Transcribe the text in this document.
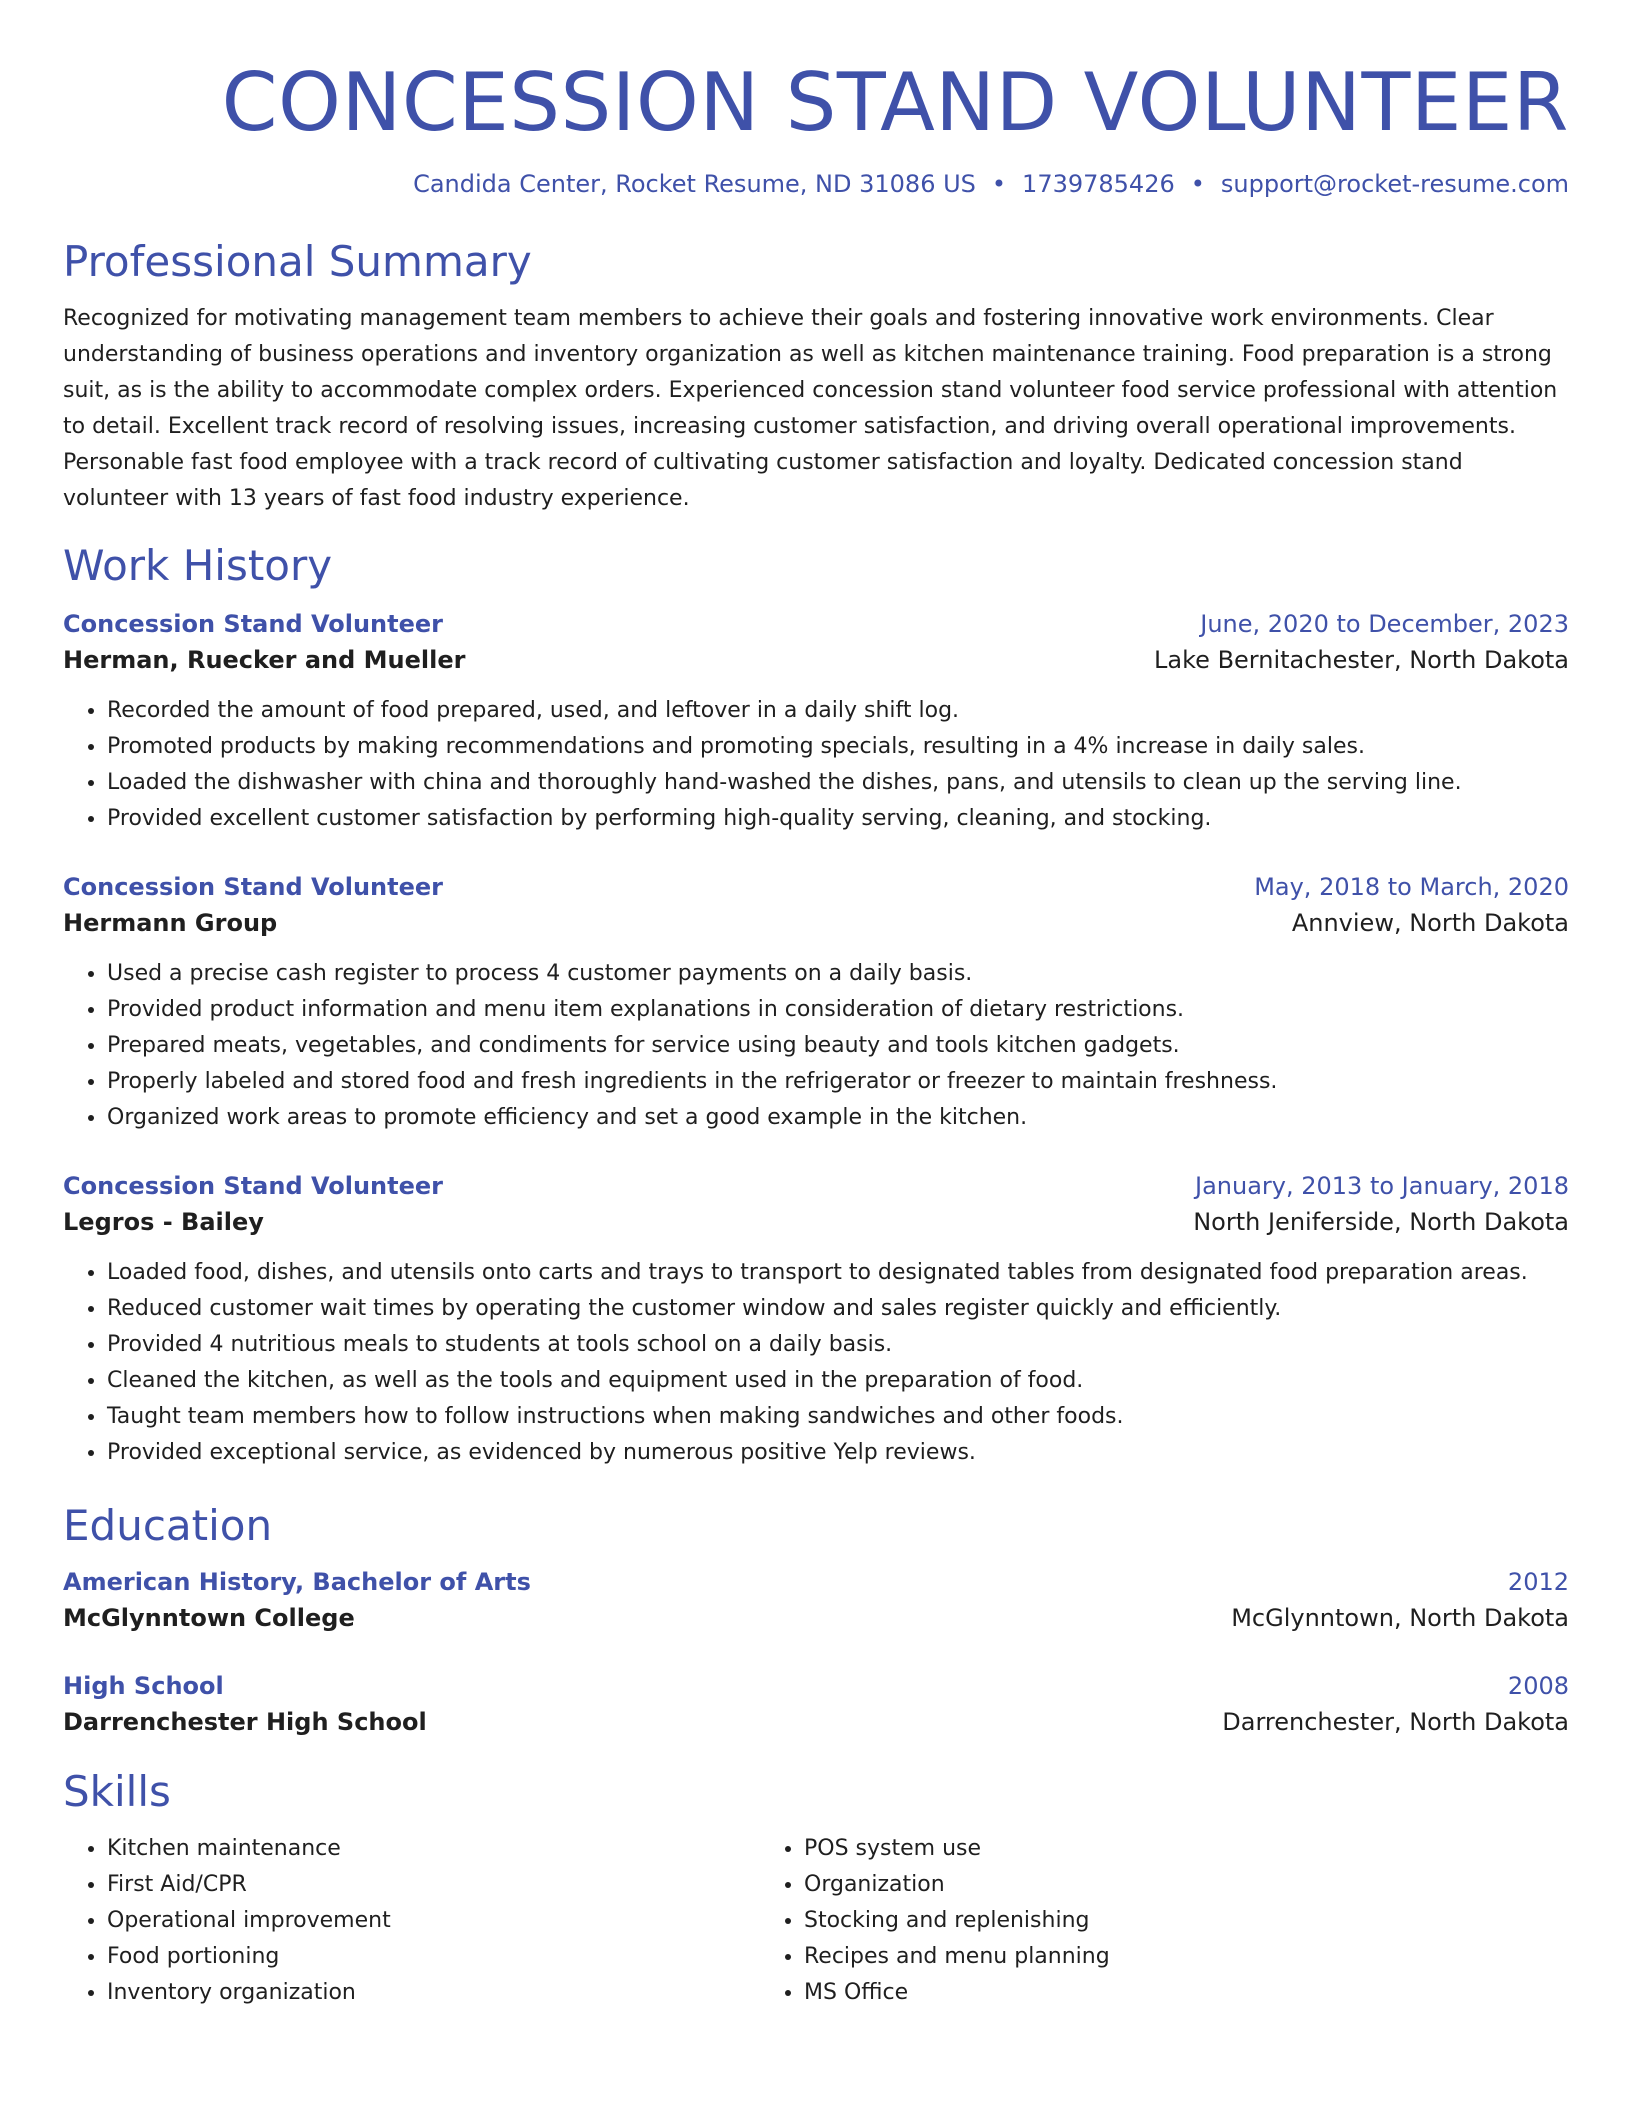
CONCESSION STAND VOLUNTEER
Candida Center, Rocket Resume, ND 31086 US • 1739785426 • support@rocket-resume.com
Professional Summary
Recognized for motivating management team members to achieve their goals and fostering innovative work environments. Clear understanding of business operations and inventory organization as well as kitchen maintenance training. Food preparation is a strong suit, as is the ability to accommodate complex orders. Experienced concession stand volunteer food service professional with attention to detail. Excellent track record of resolving issues, increasing customer satisfaction, and driving overall operational improvements. Personable fast food employee with a track record of cultivating customer satisfaction and loyalty. Dedicated concession stand volunteer with 13 years of fast food industry experience.
Work History
Concession Stand Volunteer	June, 2020 to December, 2023
Herman, Ruecker and Mueller	Lake Bernitachester, North Dakota
• Recorded the amount of food prepared, used, and leftover in a daily shift log.
• Promoted products by making recommendations and promoting specials, resulting in a 4% increase in daily sales.
• Loaded the dishwasher with china and thoroughly hand-washed the dishes, pans, and utensils to clean up the serving line.
• Provided excellent customer satisfaction by performing high-quality serving, cleaning, and stocking.
Concession Stand Volunteer	May, 2018 to March, 2020
Hermann Group	Annview, North Dakota
• Used a precise cash register to process 4 customer payments on a daily basis.
• Provided product information and menu item explanations in consideration of dietary restrictions.
• Prepared meats, vegetables, and condiments for service using beauty and tools kitchen gadgets.
• Properly labeled and stored food and fresh ingredients in the refrigerator or freezer to maintain freshness.
• Organized work areas to promote efficiency and set a good example in the kitchen.
Concession Stand Volunteer	January, 2013 to January, 2018
Legros - Bailey	North Jeniferside, North Dakota
• Loaded food, dishes, and utensils onto carts and trays to transport to designated tables from designated food preparation areas.
• Reduced customer wait times by operating the customer window and sales register quickly and efficiently.
• Provided 4 nutritious meals to students at tools school on a daily basis.
• Cleaned the kitchen, as well as the tools and equipment used in the preparation of food.
• Taught team members how to follow instructions when making sandwiches and other foods.
• Provided exceptional service, as evidenced by numerous positive Yelp reviews.
Education
American History, Bachelor of Arts	2012
McGlynntown College	McGlynntown, North Dakota
High School	2008
Darrenchester High School	Darrenchester, North Dakota
Skills
• Kitchen maintenance
• First Aid/CPR
• Operational improvement
• Food portioning
• Inventory organization
• POS system use
• Organization
• Stocking and replenishing
• Recipes and menu planning
• MS Office
